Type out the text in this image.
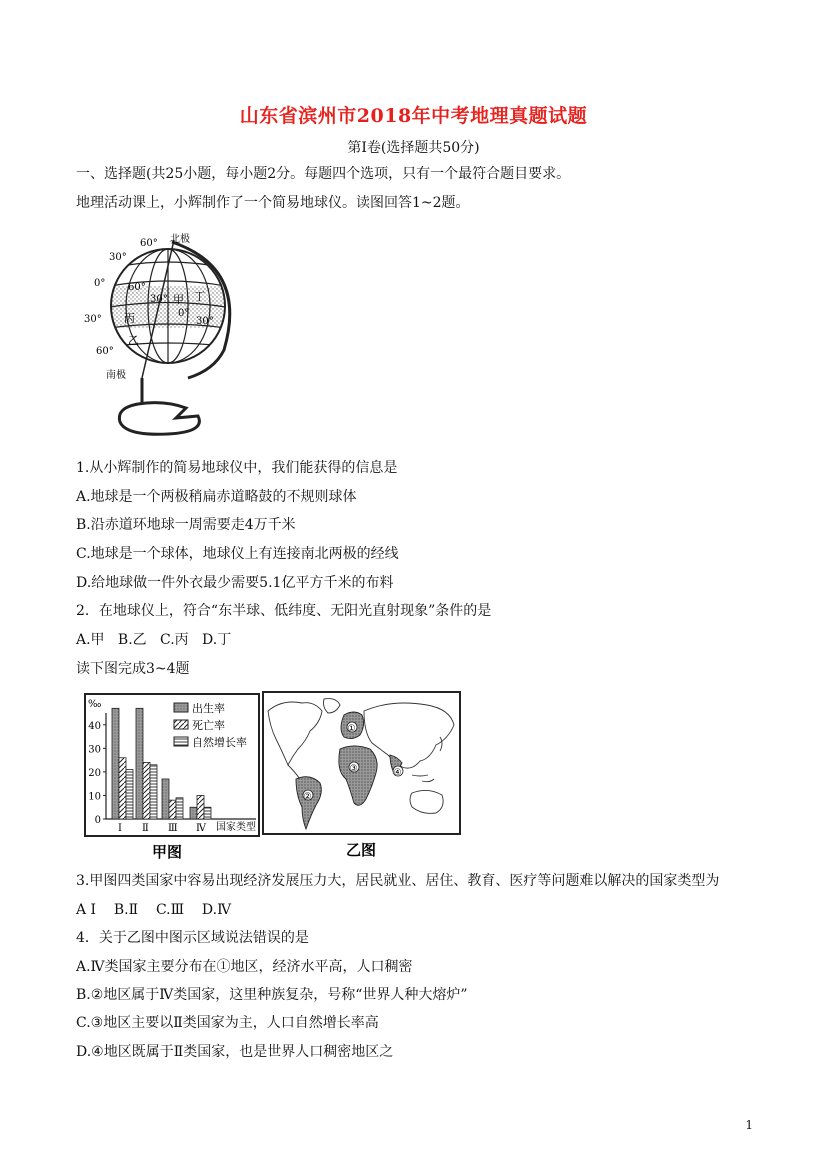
山东省滨州市2018年中考地理真题试题
第Ⅰ卷(选择题共50分)
一、选择题(共25小题，每小题2分。每题四个选项，只有一个最符合题目要求。
地理活动课上，小辉制作了一个简易地球仪。读图回答1~2题。
60° 北极
30°
0° 60°
30° 甲 丁
0°
30°
30° 丙
乙
60°
南极
1.从小辉制作的简易地球仪中，我们能获得的信息是
A.地球是一个两极稍扁赤道略鼓的不规则球体
B.沿赤道环地球一周需要走4万千米
C.地球是一个球体，地球仪上有连接南北两极的经线
D.给地球做一件外衣最少需要5.1亿平方千米的布料
2．在地球仪上，符合“东半球、低纬度、无阳光直射现象”条件的是
A.甲   B.乙   C.丙   D.丁
读下图完成3~4题
0
10
20
30
40
Ⅰ Ⅱ Ⅲ Ⅳ
出生率
死亡率
自然增长率
‰
国家类型
甲图
①
②
③	④
乙图
3.甲图四类国家中容易出现经济发展压力大，居民就业、居住、教育、医疗等问题难以解决的国家类型为
A Ⅰ    B.Ⅱ    C.Ⅲ    D.Ⅳ
4．关于乙图中图示区域说法错误的是
A.Ⅳ类国家主要分布在①地区，经济水平高，人口稠密
B.②地区属于Ⅳ类国家，这里种族复杂，号称“世界人种大熔炉”
C.③地区主要以Ⅱ类国家为主，人口自然增长率高
D.④地区既属于Ⅱ类国家，也是世界人口稠密地区之
1
